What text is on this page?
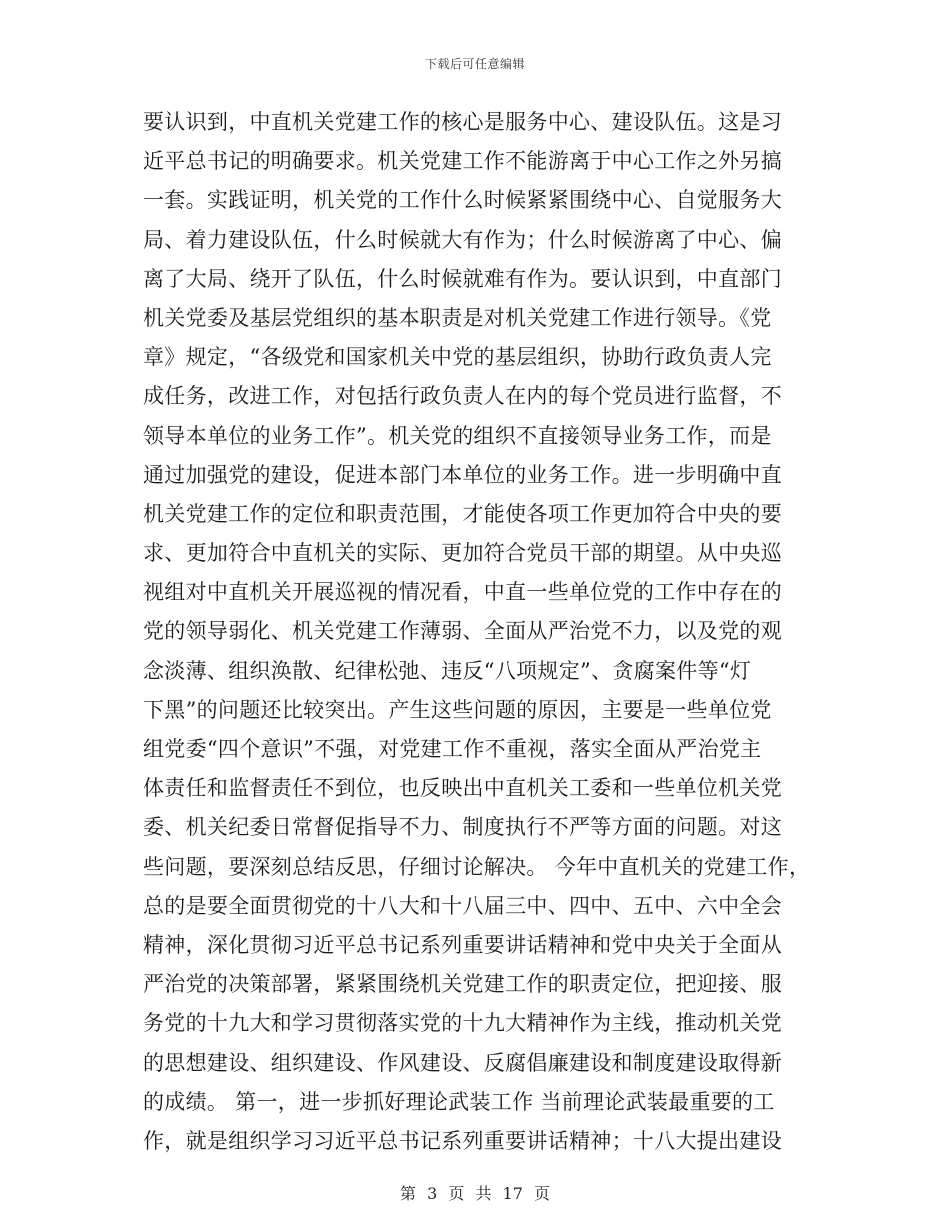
下载后可任意编辑
要认识到，中直机关党建工作的核心是服务中心、建设队伍。这是习
近平总书记的明确要求。机关党建工作不能游离于中心工作之外另搞
一套。实践证明，机关党的工作什么时候紧紧围绕中心、自觉服务大
局、着力建设队伍，什么时候就大有作为；什么时候游离了中心、偏
离了大局、绕开了队伍，什么时候就难有作为。要认识到，中直部门
机关党委及基层党组织的基本职责是对机关党建工作进行领导。《党
章》规定，“各级党和国家机关中党的基层组织，协助行政负责人完
成任务，改进工作，对包括行政负责人在内的每个党员进行监督，不
领导本单位的业务工作”。机关党的组织不直接领导业务工作，而是
通过加强党的建设，促进本部门本单位的业务工作。进一步明确中直
机关党建工作的定位和职责范围，才能使各项工作更加符合中央的要
求、更加符合中直机关的实际、更加符合党员干部的期望。从中央巡
视组对中直机关开展巡视的情况看，中直一些单位党的工作中存在的
党的领导弱化、机关党建工作薄弱、全面从严治党不力，以及党的观
念淡薄、组织涣散、纪律松弛、违反“八项规定”、贪腐案件等“灯
下黑”的问题还比较突出。产生这些问题的原因，主要是一些单位党
组党委“四个意识”不强，对党建工作不重视，落实全面从严治党主
体责任和监督责任不到位，也反映出中直机关工委和一些单位机关党
委、机关纪委日常督促指导不力、制度执行不严等方面的问题。对这
些问题，要深刻总结反思，仔细讨论解决。 今年中直机关的党建工作，
总的是要全面贯彻党的十八大和十八届三中、四中、五中、六中全会
精神，深化贯彻习近平总书记系列重要讲话精神和党中央关于全面从
严治党的决策部署，紧紧围绕机关党建工作的职责定位，把迎接、服
务党的十九大和学习贯彻落实党的十九大精神作为主线，推动机关党
的思想建设、组织建设、作风建设、反腐倡廉建设和制度建设取得新
的成绩。 第一，进一步抓好理论武装工作 当前理论武装最重要的工
作，就是组织学习习近平总书记系列重要讲话精神；十八大提出建设
第 3 页 共 17 页
